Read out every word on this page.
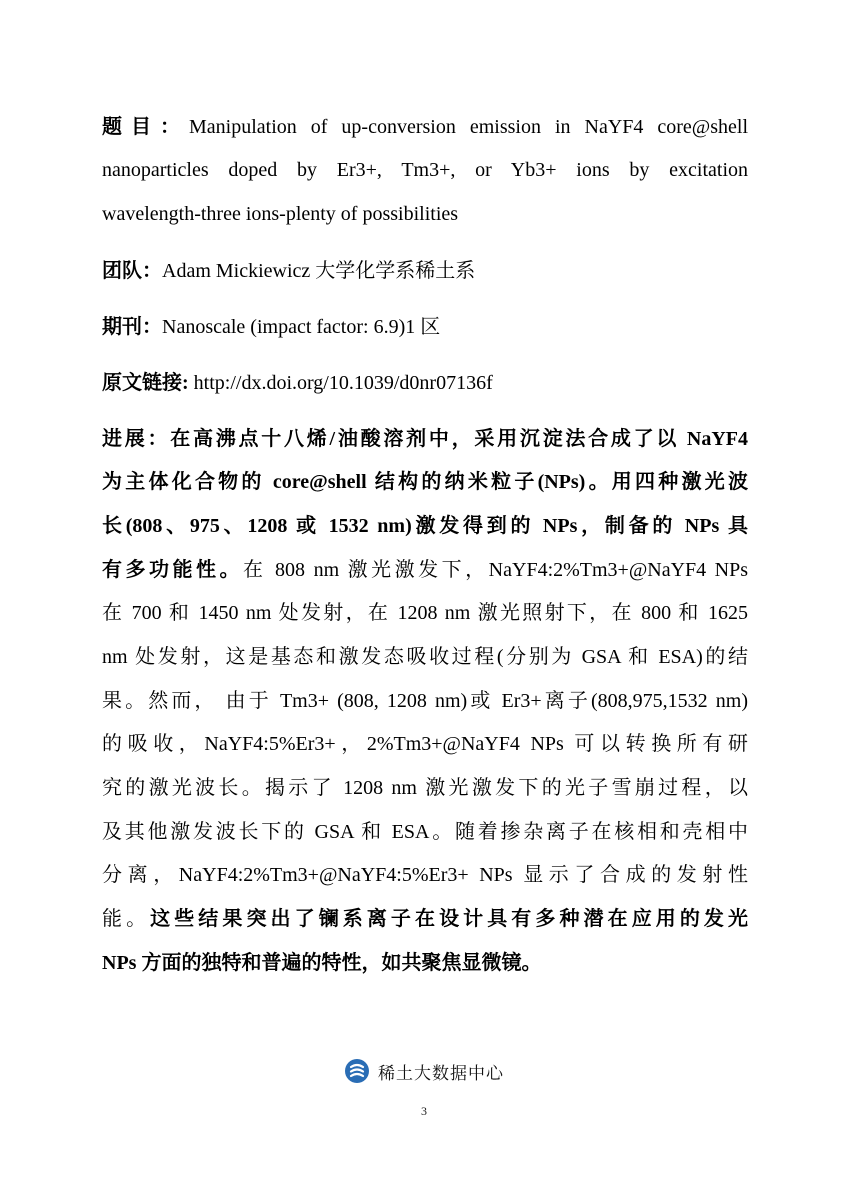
题目：Manipulation of up-conversion emission in NaYF4 core@shell
nanoparticles doped by Er3+, Tm3+, or Yb3+ ions by excitation
wavelength-three ions-plenty of possibilities
团队：Adam Mickiewicz 大学化学系稀土系
期刊：Nanoscale (impact factor: 6.9)1 区
原文链接: http://dx.doi.org/10.1039/d0nr07136f
进展：在高沸点十八烯/油酸溶剂中，采用沉淀法合成了以 NaYF4
为主体化合物的 core@shell 结构的纳米粒子(NPs)。用四种激光波
长(808、975、1208 或 1532 nm)激发得到的 NPs，制备的 NPs 具
有多功能性。在 808 nm 激光激发下，NaYF4:2%Tm3+@NaYF4 NPs
在 700 和 1450 nm 处发射，在 1208 nm 激光照射下，在 800 和 1625
nm 处发射，这是基态和激发态吸收过程(分别为 GSA 和 ESA)的结
果。然而， 由于 Tm3+ (808, 1208 nm)或 Er3+离子(808,975,1532 nm)
的吸收，NaYF4:5%Er3+，2%Tm3+@NaYF4 NPs 可以转换所有研
究的激光波长。揭示了 1208 nm 激光激发下的光子雪崩过程，以
及其他激发波长下的 GSA 和 ESA。随着掺杂离子在核相和壳相中
分离，NaYF4:2%Tm3+@NaYF4:5%Er3+ NPs 显示了合成的发射性
能。这些结果突出了镧系离子在设计具有多种潜在应用的发光
NPs 方面的独特和普遍的特性，如共聚焦显微镜。
稀土大数据中心
3
